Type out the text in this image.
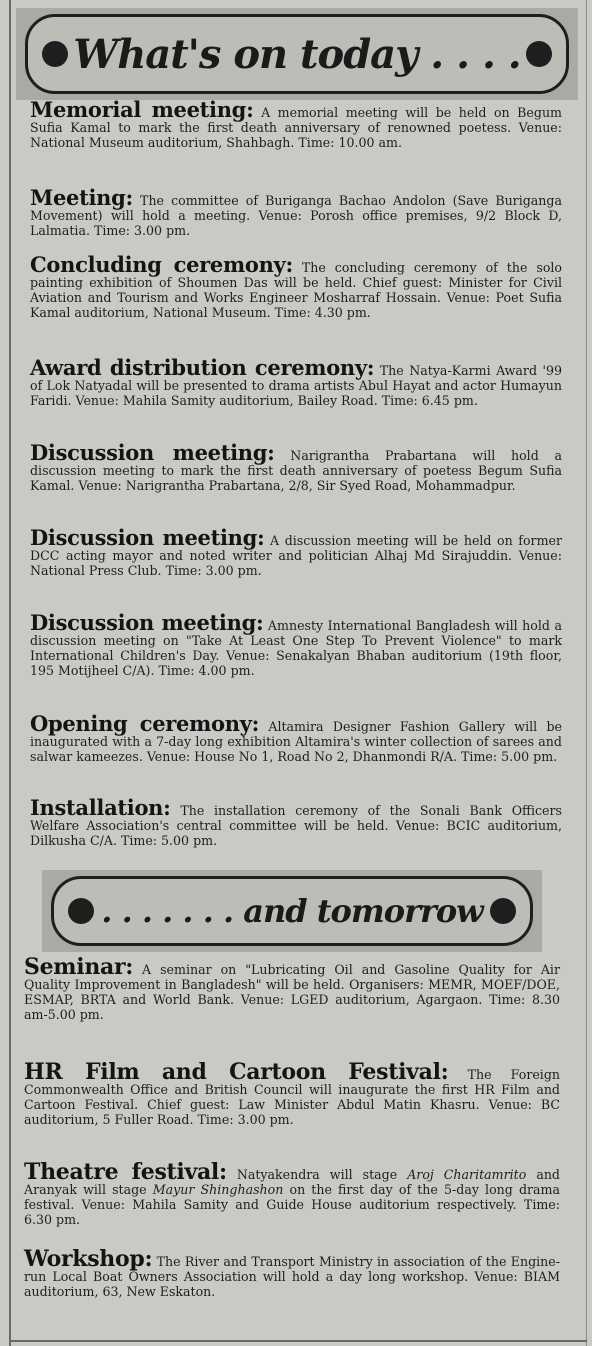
What's on today . . . .

Memorial meeting: A memorial meeting will be held on Begum Sufia Kamal to mark the first death anniversary of renowned poetess. Venue: National Museum auditorium, Shahbagh. Time: 10.00 am.

Meeting: The committee of Buriganga Bachao Andolon (Save Buriganga Movement) will hold a meeting. Venue: Porosh office premises, 9/2 Block D, Lalmatia. Time: 3.00 pm.

Concluding ceremony: The concluding ceremony of the solo painting exhibition of Shoumen Das will be held. Chief guest: Minister for Civil Aviation and Tourism and Works Engineer Mosharraf Hossain. Venue: Poet Sufia Kamal auditorium, National Museum. Time: 4.30 pm.

Award distribution ceremony: The Natya-Karmi Award '99 of Lok Natyadal will be presented to drama artists Abul Hayat and actor Humayun Faridi. Venue: Mahila Samity auditorium, Bailey Road. Time: 6.45 pm.

Discussion meeting: Narigrantha Prabartana will hold a discussion meeting to mark the first death anniversary of poetess Begum Sufia Kamal. Venue: Narigrantha Prabartana, 2/8, Sir Syed Road, Mohammadpur.

Discussion meeting: A discussion meeting will be held on former DCC acting mayor and noted writer and politician Alhaj Md Sirajuddin. Venue: National Press Club. Time: 3.00 pm.

Discussion meeting: Amnesty International Bangladesh will hold a discussion meeting on "Take At Least One Step To Prevent Violence" to mark International Children's Day. Venue: Senakalyan Bhaban auditorium (19th floor, 195 Motijheel C/A). Time: 4.00 pm.

Opening ceremony: Altamira Designer Fashion Gallery will be inaugurated with a 7-day long exhibition Altamira's winter collection of sarees and salwar kameezes. Venue: House No 1, Road No 2, Dhanmondi R/A. Time: 5.00 pm.

Installation: The installation ceremony of the Sonali Bank Officers Welfare Association's central committee will be held. Venue: BCIC auditorium, Dilkusha C/A. Time: 5.00 pm.

. . . . . . . and tomorrow

Seminar: A seminar on "Lubricating Oil and Gasoline Quality for Air Quality Improvement in Bangladesh" will be held. Organisers: MEMR, MOEF/DOE, ESMAP, BRTA and World Bank. Venue: LGED auditorium, Agargaon. Time: 8.30 am-5.00 pm.

HR Film and Cartoon Festival: The Foreign Commonwealth Office and British Council will inaugurate the first HR Film and Cartoon Festival. Chief guest: Law Minister Abdul Matin Khasru. Venue: BC auditorium, 5 Fuller Road. Time: 3.00 pm.

Theatre festival: Natyakendra will stage Aroj Charitamrito and Aranyak will stage Mayur Shinghashon on the first day of the 5-day long drama festival. Venue: Mahila Samity and Guide House auditorium respectively. Time: 6.30 pm.

Workshop: The River and Transport Ministry in association of the Engine-run Local Boat Owners Association will hold a day long workshop. Venue: BIAM auditorium, 63, New Eskaton.
